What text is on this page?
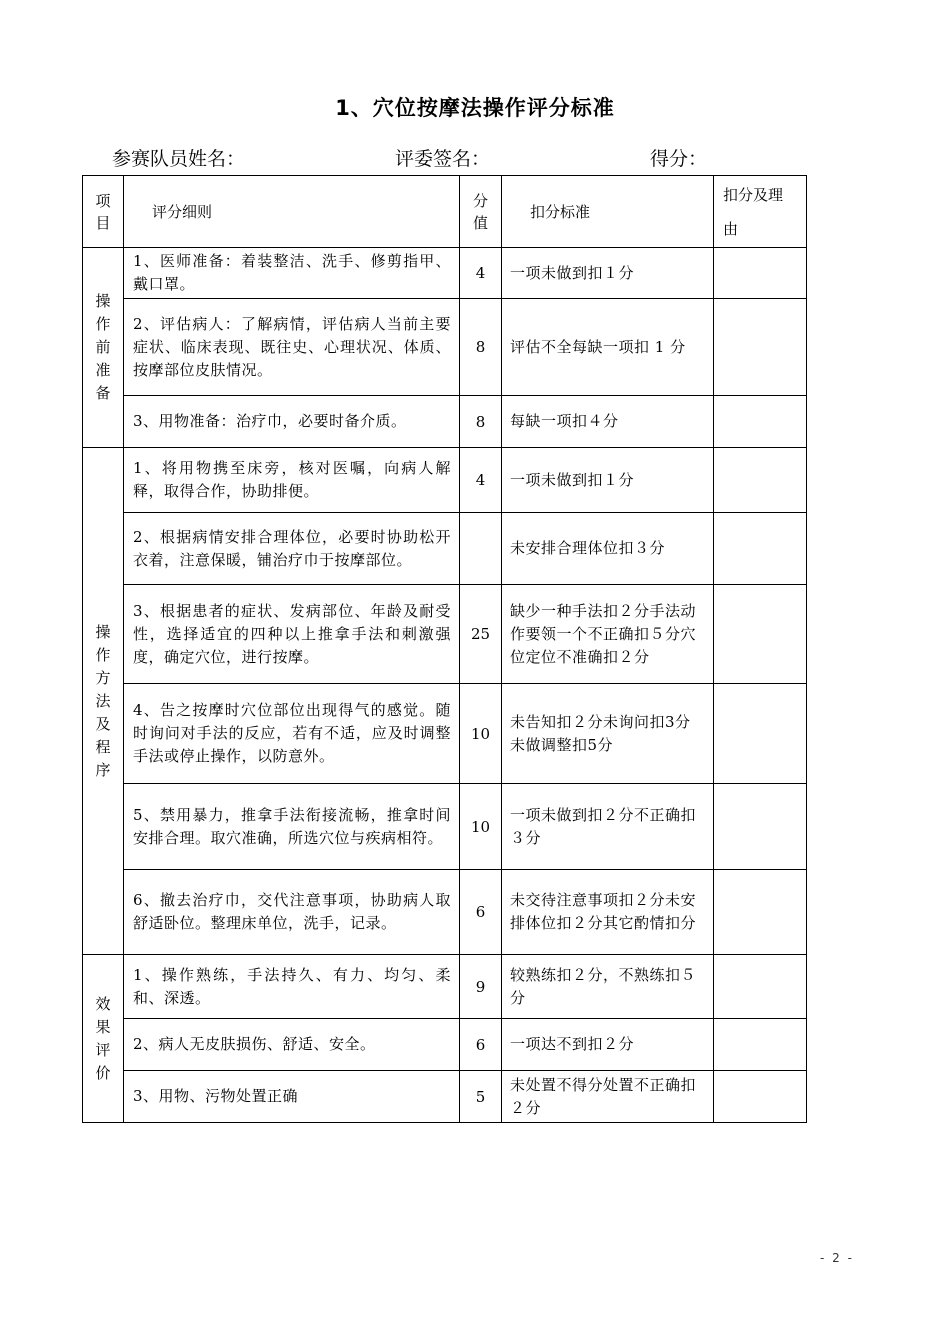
1、穴位按摩法操作评分标准
参赛队员姓名：	评委签名：	得分：
项目	评分细则	分值	扣分标准	扣分及理由

操作前准备	1、医师准备：着装整洁、洗手、修剪指甲、戴口罩。	4	一项未做到扣１分	
	2、评估病人：了解病情，评估病人当前主要症状、临床表现、既往史、心理状况、体质、按摩部位皮肤情况。	8	评估不全每缺一项扣 1 分	
	3、用物准备：治疗巾，必要时备介质。	8	每缺一项扣４分	

操作方法及程序	1、将用物携至床旁，核对医嘱，向病人解释，取得合作，协助排便。	4	一项未做到扣１分	
	2、根据病情安排合理体位，必要时协助松开衣着，注意保暖，铺治疗巾于按摩部位。		未安排合理体位扣３分	
	3、根据患者的症状、发病部位、年龄及耐受性，选择适宜的四种以上推拿手法和刺激强度，确定穴位，进行按摩。	25	缺少一种手法扣２分手法动作要领一个不正确扣５分穴位定位不准确扣２分	
	4、告之按摩时穴位部位出现得气的感觉。随时询问对手法的反应，若有不适，应及时调整手法或停止操作，以防意外。	10	未告知扣２分未询问扣3分未做调整扣5分	
	5、禁用暴力，推拿手法衔接流畅，推拿时间安排合理。取穴准确，所选穴位与疾病相符。	10	一项未做到扣２分不正确扣３分	
	6、撤去治疗巾，交代注意事项，协助病人取舒适卧位。整理床单位，洗手，记录。	6	未交待注意事项扣２分未安排体位扣２分其它酌情扣分	

效果评价	1、操作熟练，手法持久、有力、均匀、柔和、深透。	9	较熟练扣２分，不熟练扣５分	
	2、病人无皮肤损伤、舒适、安全。	6	一项达不到扣２分	
	3、用物、污物处置正确	5	未处置不得分处置不正确扣２分	
- 2 -
